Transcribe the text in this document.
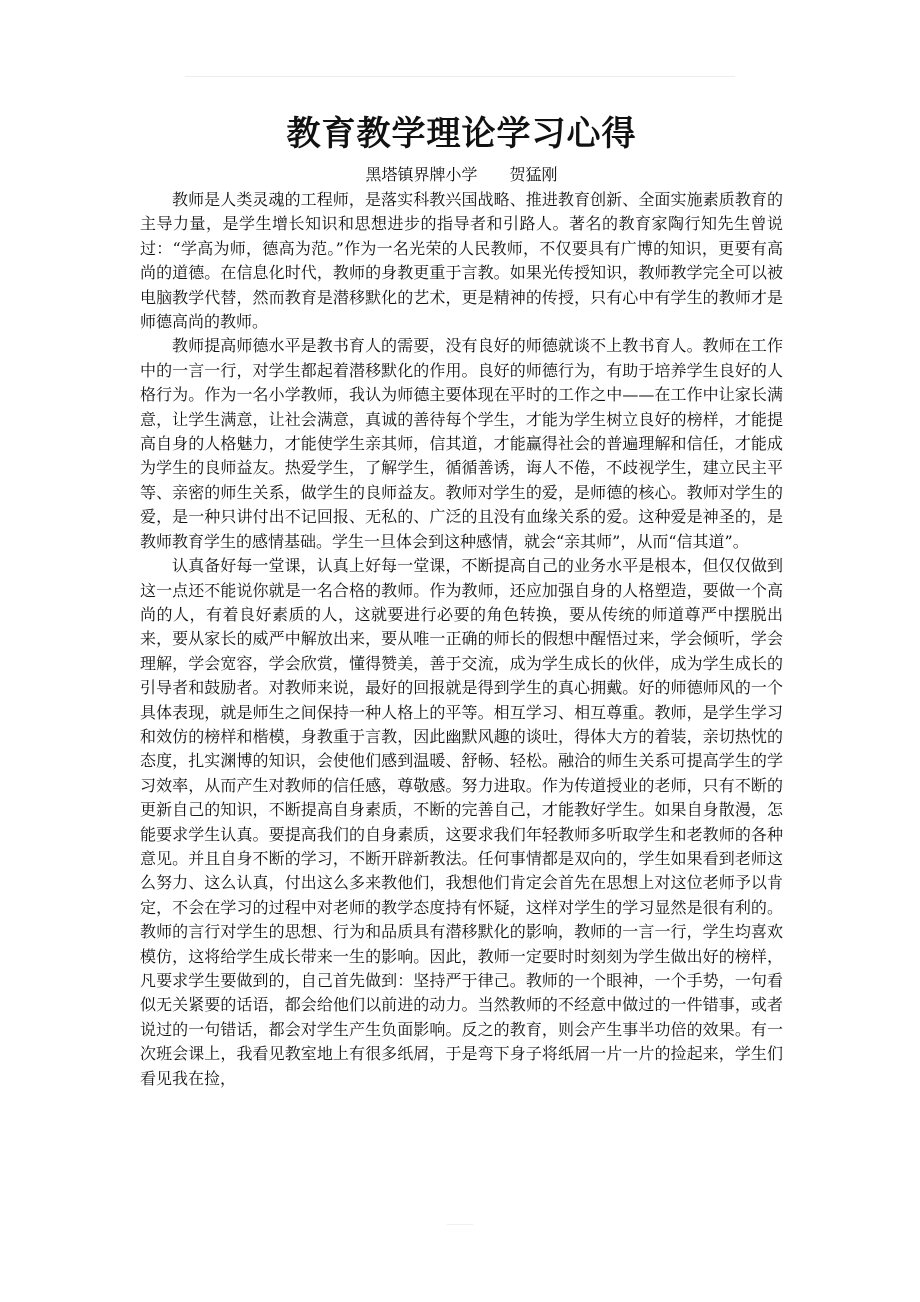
教育教学理论学习心得
黑塔镇界牌小学　　贺猛刚

教师是人类灵魂的工程师，是落实科教兴国战略、推进教育创新、全面实施素质教育的主导力量，是学生增长知识和思想进步的指导者和引路人。著名的教育家陶行知先生曾说过：“学高为师，德高为范。”作为一名光荣的人民教师，不仅要具有广博的知识，更要有高尚的道德。在信息化时代，教师的身教更重于言教。如果光传授知识，教师教学完全可以被电脑教学代替，然而教育是潜移默化的艺术，更是精神的传授，只有心中有学生的教师才是师德高尚的教师。

教师提高师德水平是教书育人的需要，没有良好的师德就谈不上教书育人。教师在工作中的一言一行，对学生都起着潜移默化的作用。良好的师德行为，有助于培养学生良好的人格行为。作为一名小学教师，我认为师德主要体现在平时的工作之中——在工作中让家长满意，让学生满意，让社会满意，真诚的善待每个学生，才能为学生树立良好的榜样，才能提高自身的人格魅力，才能使学生亲其师，信其道，才能赢得社会的普遍理解和信任，才能成为学生的良师益友。热爱学生，了解学生，循循善诱，诲人不倦，不歧视学生，建立民主平等、亲密的师生关系，做学生的良师益友。教师对学生的爱，是师德的核心。教师对学生的爱，是一种只讲付出不记回报、无私的、广泛的且没有血缘关系的爱。这种爱是神圣的，是教师教育学生的感情基础。学生一旦体会到这种感情，就会“亲其师”，从而“信其道”。

认真备好每一堂课，认真上好每一堂课，不断提高自己的业务水平是根本，但仅仅做到这一点还不能说你就是一名合格的教师。作为教师，还应加强自身的人格塑造，要做一个高尚的人，有着良好素质的人，这就要进行必要的角色转换，要从传统的师道尊严中摆脱出来，要从家长的威严中解放出来，要从唯一正确的师长的假想中醒悟过来，学会倾听，学会理解，学会宽容，学会欣赏，懂得赞美，善于交流，成为学生成长的伙伴，成为学生成长的引导者和鼓励者。对教师来说，最好的回报就是得到学生的真心拥戴。好的师德师风的一个具体表现，就是师生之间保持一种人格上的平等。相互学习、相互尊重。教师，是学生学习和效仿的榜样和楷模，身教重于言教，因此幽默风趣的谈吐，得体大方的着装，亲切热忱的态度，扎实渊博的知识，会使他们感到温暖、舒畅、轻松。融洽的师生关系可提高学生的学习效率，从而产生对教师的信任感，尊敬感。努力进取。作为传道授业的老师，只有不断的更新自己的知识，不断提高自身素质，不断的完善自己，才能教好学生。如果自身散漫，怎能要求学生认真。要提高我们的自身素质，这要求我们年轻教师多听取学生和老教师的各种意见。并且自身不断的学习，不断开辟新教法。任何事情都是双向的，学生如果看到老师这么努力、这么认真，付出这么多来教他们，我想他们肯定会首先在思想上对这位老师予以肯定，不会在学习的过程中对老师的教学态度持有怀疑，这样对学生的学习显然是很有利的。教师的言行对学生的思想、行为和品质具有潜移默化的影响，教师的一言一行，学生均喜欢模仿，这将给学生成长带来一生的影响。因此，教师一定要时时刻刻为学生做出好的榜样，凡要求学生要做到的，自己首先做到：坚持严于律己。教师的一个眼神，一个手势，一句看似无关紧要的话语，都会给他们以前进的动力。当然教师的不经意中做过的一件错事，或者说过的一句错话，都会对学生产生负面影响。反之的教育，则会产生事半功倍的效果。有一次班会课上，我看见教室地上有很多纸屑，于是弯下身子将纸屑一片一片的捡起来，学生们看见我在捡，
